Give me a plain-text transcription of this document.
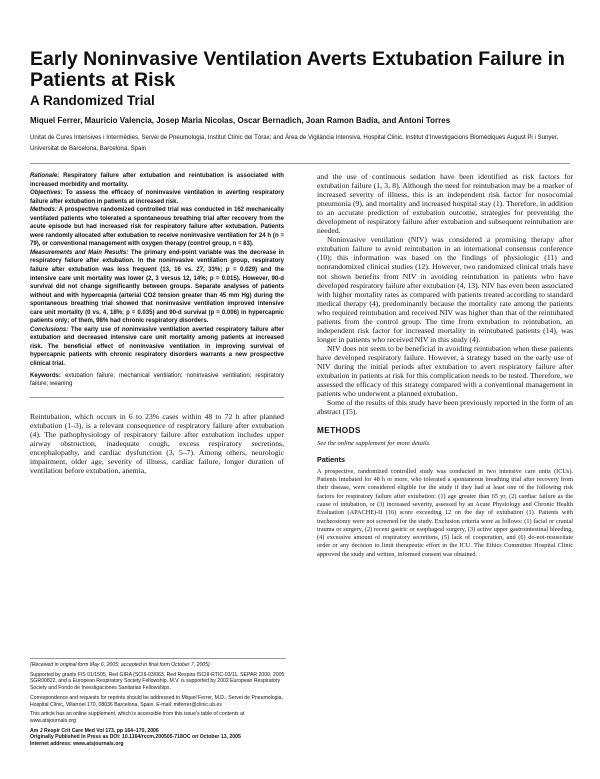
Early Noninvasive Ventilation Averts Extubation Failure in Patients at Risk
A Randomized Trial

Miquel Ferrer, Mauricio Valencia, Josep Maria Nicolas, Oscar Bernadich, Joan Ramon Badia, and Antoni Torres

Unitat de Cures Intensives i Intermèdies, Servei de Pneumologia, Institut Clínic del Tòrax; and Àrea de Vigilància Intensiva, Hospital Clinic, Institut d’Investigacions Biomèdiques August Pi i Sunyer, Universitat de Barcelona, Barcelona, Spain

Rationale: Respiratory failure after extubation and reintubation is associated with increased morbidity and mortality.

Objectives: To assess the efficacy of noninvasive ventilation in averting respiratory failure after extubation in patients at increased risk.

Methods: A prospective randomized controlled trial was conducted in 162 mechanically ventilated patients who tolerated a spontaneous breathing trial after recovery from the acute episode but had increased risk for respiratory failure after extubation. Patients were randomly allocated after extubation to receive noninvasive ventilation for 24 h (n = 79), or conventional management with oxygen therapy (control group, n = 83).

Measurements and Main Results: The primary end-point variable was the decrease in respiratory failure after extubation. In the noninvasive ventilation group, respiratory failure after extubation was less frequent (13, 16 vs. 27, 33%; p = 0.029) and the intensive care unit mortality was lower (2, 3 versus 12, 14%; p = 0.015). However, 90-d survival did not change significantly between groups. Separate analyses of patients without and with hypercapnia (arterial CO2 tension greater than 45 mm Hg) during the spontaneous breathing trial showed that noninvasive ventilation improved intensive care unit mortality (0 vs. 4, 18%; p = 0.035) and 90-d survival (p = 0.006) in hypercapnic patients only; of them, 98% had chronic respiratory disorders.

Conclusions: The early use of noninvasive ventilation averted respiratory failure after extubation and decreased intensive care unit mortality among patients at increased risk. The beneficial effect of noninvasive ventilation in improving survival of hypercapnic patients with chronic respiratory disorders warrants a new prospective clinical trial.

Keywords: extubation failure; mechanical ventilation; noninvasive ventilation; respiratory failure; weaning

Reintubation, which occurs in 6 to 23% cases within 48 to 72 h after planned extubation (1–3), is a relevant consequence of respiratory failure after extubation (4). The pathophysiology of respiratory failure after extubation includes upper airway obstruction, inadequate cough, excess respiratory secretions, encephalopathy, and cardiac dysfunction (3, 5–7). Among others, neurologic impairment, older age, severity of illness, cardiac failure, longer duration of ventilation before extubation, anemia,

(Received in original form May 6, 2005; accepted in final form October 7, 2005)

Supported by grants FIS 01/1505, Red GIRA (SCIII-03/063, Red Respira ISCIII-RTIC-03/11, SEPAR 2000, 2005 SGR00822, and a European Respiratory Society Fellowship. M.V. is supported by 2002 European Respiratory Society and Fondo de Investigaciones Sanitarias Fellowships.

Correspondence and requests for reprints should be addressed to Miquel Ferrer, M.D., Servei de Pneumologia, Hospital Clínic, Villarroel 170, 08036 Barcelona, Spain. E-mail: miferrer@clinic.ub.es

This article has an online supplement, which is accessible from this issue's table of contents at www.atsjournals.org

Am J Respir Crit Care Med Vol 173. pp 164–170, 2006

Originally Published in Press as DOI: 10.1164/rccm.200505-718OC on October 13, 2005

Internet address: www.atsjournals.org

and the use of continuous sedation have been identified as risk factors for extubation failure (1, 3, 8). Although the need for reintubation may be a marker of increased severity of illness, this is an independent risk factor for nosocomial pneumonia (9), and mortality and increased hospital stay (1). Therefore, in addition to an accurate prediction of extubation outcome, strategies for preventing the development of respiratory failure after extubation and subsequent reintubation are needed.

Noninvasive ventilation (NIV) was considered a promising therapy after extubation failure to avoid reintubation in an international consensus conference (10); this information was based on the findings of physiologic (11) and nonrandomized clinical studies (12). However, two randomized clinical trials have not shown benefits from NIV in avoiding reintubation in patients who have developed respiratory failure after extubation (4, 13). NIV has even been associated with higher mortality rates as compared with patients treated according to standard medical therapy (4), predominantly because the mortality rate among the patients who required reintubation and received NIV was higher than that of the reintubated patients from the control group. The time from extubation to reintubation, an independent risk factor for increased mortality in reintubated patients (14), was longer in patients who received NIV in this study (4).

NIV does not seem to be beneficial in avoiding reintubation when these patients have developed respiratory failure. However, a strategy based on the early use of NIV during the initial periods after extubation to avert respiratory failure after extubation in patients at risk for this complication needs to be tested. Therefore, we assessed the efficacy of this strategy compared with a conventional management in patients who underwent a planned extubation.

Some of the results of this study have been previously reported in the form of an abstract (15).

METHODS

See the online supplement for more details.

Patients

A prospective, randomized controlled study was conducted in two intensive care units (ICUs). Patients intubated for 48 h or more, who tolerated a spontaneous breathing trial after recovery from their disease, were considered eligible for the study if they had at least one of the following risk factors for respiratory failure after extubation: (1) age greater than 65 yr, (2) cardiac failure as the cause of intubation, or (3) increased severity, assessed by an Acute Physiology and Chronic Health Evaluation (APACHE)-II (16) score exceeding 12 on the day of extubation (1). Patients with tracheostomy were not screened for the study. Exclusion criteria were as follows: (1) facial or cranial trauma or surgery, (2) recent gastric or esophageal surgery, (3) active upper gastrointestinal bleeding, (4) excessive amount of respiratory secretions, (5) lack of cooperation, and (6) do-not-resuscitate order or any decision to limit therapeutic effort in the ICU. The Ethics Committee Hospital Clinic approved the study and written, informed consent was obtained.
